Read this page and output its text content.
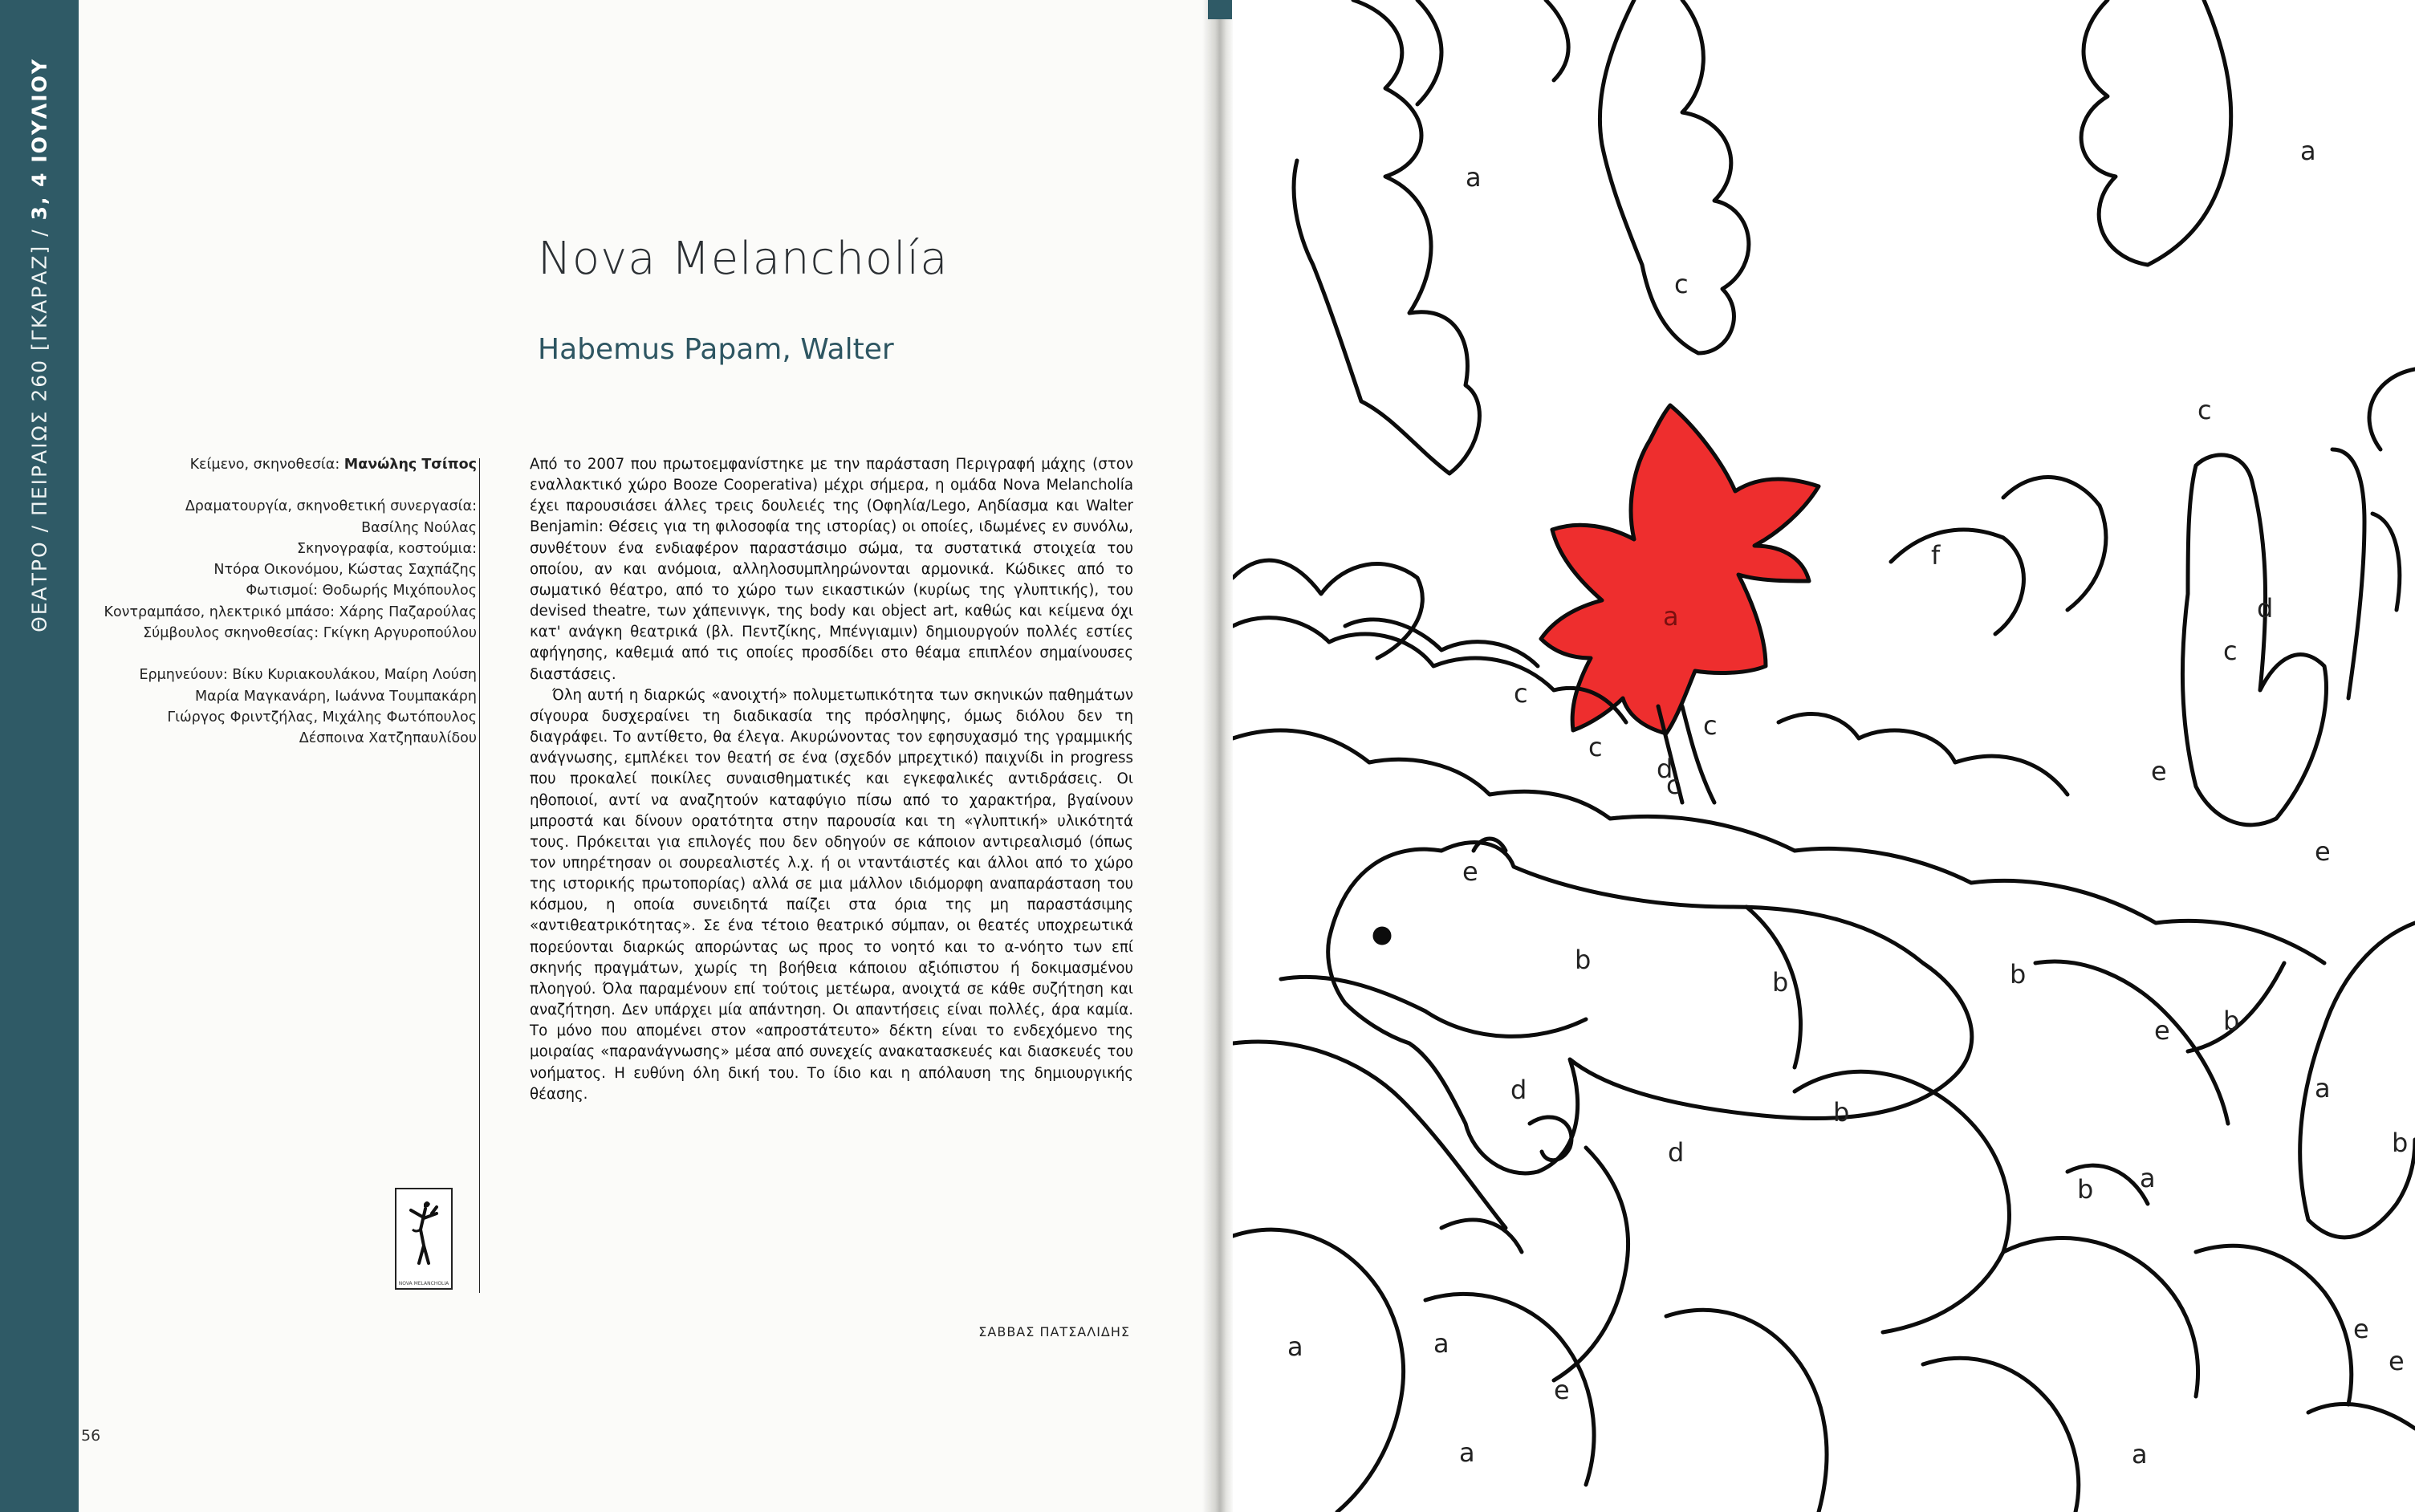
ΘΕΑΤΡΟ / ΠΕΙΡΑΙΩΣ 260 [ΓΚΑΡΑΖ] / 3, 4 ΙΟΥΛΙΟΥ
Nova Melancholía
Habemus Papam, Walter
Κείμενο, σκηνοθεσία: Μανώλης Τσίπος
Δραματουργία, σκηνοθετική συνεργασία:
Βασίλης Νούλας
Σκηνογραφία, κοστούμια:
Ντόρα Οικονόμου, Κώστας Σαχπάζης
Φωτισμοί: Θοδωρής Μιχόπουλος
Κοντραμπάσο, ηλεκτρικό μπάσο: Χάρης Παζαρούλας
Σύμβουλος σκηνοθεσίας: Γκίγκη Αργυροπούλου
Ερμηνεύουν: Βίκυ Κυριακουλάκου, Μαίρη Λούση
Μαρία Μαγκανάρη, Ιωάννα Τουμπακάρη
Γιώργος Φριντζήλας, Μιχάλης Φωτόπουλος
Δέσποινα Χατζηπαυλίδου
NOVA MELANCHOLIA

Από το 2007 που πρωτοεμφανίστηκε με την παράσταση Περιγραφή μάχης (στον εναλλακτικό χώρο Booze Cooperativa) μέχρι σήμερα, η ομάδα Nova Melancholía έχει παρουσιάσει άλλες τρεις δουλειές της (Οφηλία/Lego, Αηδίασμα και Walter Benjamin: Θέσεις για τη φιλοσοφία της ιστορίας) οι οποίες, ιδωμένες εν συνόλω, συνθέτουν ένα ενδιαφέρον παραστάσιμο σώμα, τα συστατικά στοιχεία του οποίου, αν και ανόμοια, αλληλοσυμπληρώνονται αρμονικά. Κώδικες από το σωματικό θέατρο, από το χώρο των εικαστικών (κυρίως της γλυπτικής), του devised theatre, των χάπενινγκ, της body και object art, καθώς και κείμενα όχι κατ' ανάγκη θεατρικά (βλ. Πεντζίκης, Μπένγιαμιν) δημιουργούν πολλές εστίες αφήγησης, καθεμιά από τις οποίες προσδίδει στο θέαμα επιπλέον σημαίνουσες διαστάσεις.

Όλη αυτή η διαρκώς «ανοιχτή» πολυμετωπικότητα των σκηνικών παθημάτων σίγουρα δυσχεραίνει τη διαδικασία της πρόσληψης, όμως διόλου δεν τη διαγράφει. Το αντίθετο, θα έλεγα. Ακυρώνοντας τον εφησυχασμό της γραμμικής ανάγνωσης, εμπλέκει τον θεατή σε ένα (σχεδόν μπρεχτικό) παιχνίδι in progress που προκαλεί ποικίλες συναισθηματικές και εγκεφαλικές αντιδράσεις. Οι ηθοποιοί, αντί να αναζητούν καταφύγιο πίσω από το χαρακτήρα, βγαίνουν μπροστά και δίνουν ορατότητα στην παρουσία και τη «γλυπτική» υλικότητά τους. Πρόκειται για επιλογές που δεν οδηγούν σε κάποιον αντιρεαλισμό (όπως τον υπηρέτησαν οι σουρεαλιστές λ.χ. ή οι νταντάιστές και άλλοι από το χώρο της ιστορικής πρωτοπορίας) αλλά σε μια μάλλον ιδιόμορφη αναπαράσταση του κόσμου, η οποία συνειδητά παίζει στα όρια της μη παραστάσιμης «αντιθεατρικότητας». Σε ένα τέτοιο θεατρικό σύμπαν, οι θεατές υποχρεωτικά πορεύονται διαρκώς απορώντας ως προς το νοητό και το α-νόητο των επί σκηνής πραγμάτων, χωρίς τη βοήθεια κάποιου αξιόπιστου ή δοκιμασμένου πλοηγού. Όλα παραμένουν επί τούτοις μετέωρα, ανοιχτά σε κάθε συζήτηση και αναζήτηση. Δεν υπάρχει μία απάντηση. Οι απαντήσεις είναι πολλές, άρα καμία. Το μόνο που απομένει στον «απροστάτευτο» δέκτη είναι το ενδεχόμενο της μοιραίας «παρανάγνωσης» μέσα από συνεχείς ανακατασκευές και διασκευές του νοήματος. Η ευθύνη όλη δική του. Το ίδιο και η απόλαυση της δημιουργικής θέασης.

ΣΑΒΒΑΣ ΠΑΤΣΑΛΙΔΗΣ
56
a
a
c
c
a
f
d
c
c
c
c
d	e
c
e
e
b
b	b
e b
d
b
a
d
b a
a
b
e
a
e
e
a
a
